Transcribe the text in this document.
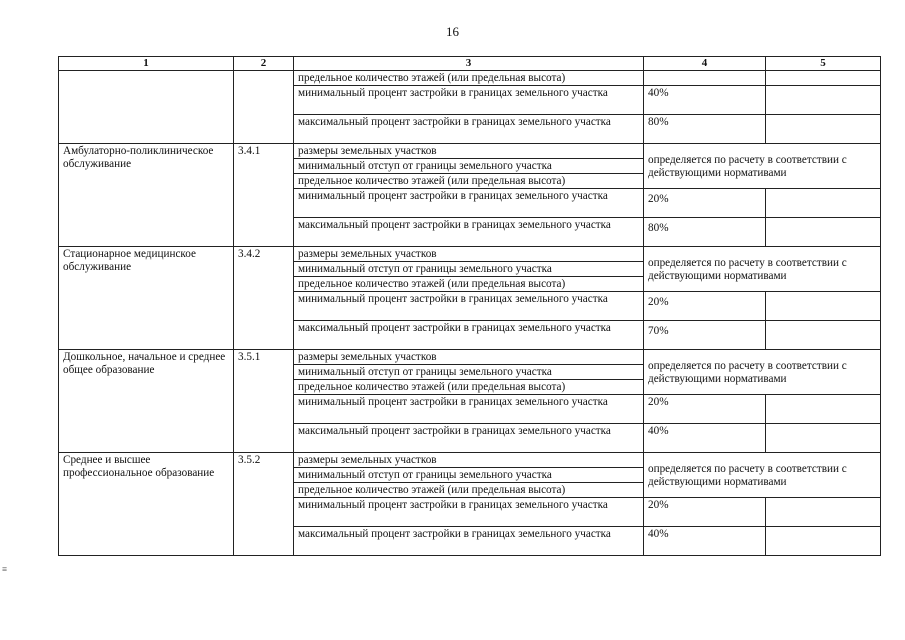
16
1	2	3	4	5
		предельное количество этажей (или предельная высота)		
		минимальный процент застройки в границах земельного участка	40%	
		максимальный процент застройки в границах земельного участка	80%	
Амбулаторно-поликлиническое обслуживание	3.4.1	размеры земельных участков	определяется по расчету в соответствии с действующими нормативами	
		минимальный отступ от границы земельного участка		
		предельное количество этажей (или предельная высота)		
		минимальный процент застройки в границах земельного участка	20%	
		максимальный процент застройки в границах земельного участка	80%	
Стационарное медицинское обслуживание	3.4.2	размеры земельных участков	определяется по расчету в соответствии с действующими нормативами	
		минимальный отступ от границы земельного участка		
		предельное количество этажей (или предельная высота)		
		минимальный процент застройки в границах земельного участка	20%	
		максимальный процент застройки в границах земельного участка	70%	
Дошкольное, начальное и среднее общее образование	3.5.1	размеры земельных участков	определяется по расчету в соответствии с действующими нормативами	
		минимальный отступ от границы земельного участка		
		предельное количество этажей (или предельная высота)		
		минимальный процент застройки в границах земельного участка	20%	
		максимальный процент застройки в границах земельного участка	40%	
Среднее и высшее профессиональное образование	3.5.2	размеры земельных участков	определяется по расчету в соответствии с действующими нормативами	
		минимальный отступ от границы земельного участка		
		предельное количество этажей (или предельная высота)		
		минимальный процент застройки в границах земельного участка	20%	
		максимальный процент застройки в границах земельного участка	40%	
≡
